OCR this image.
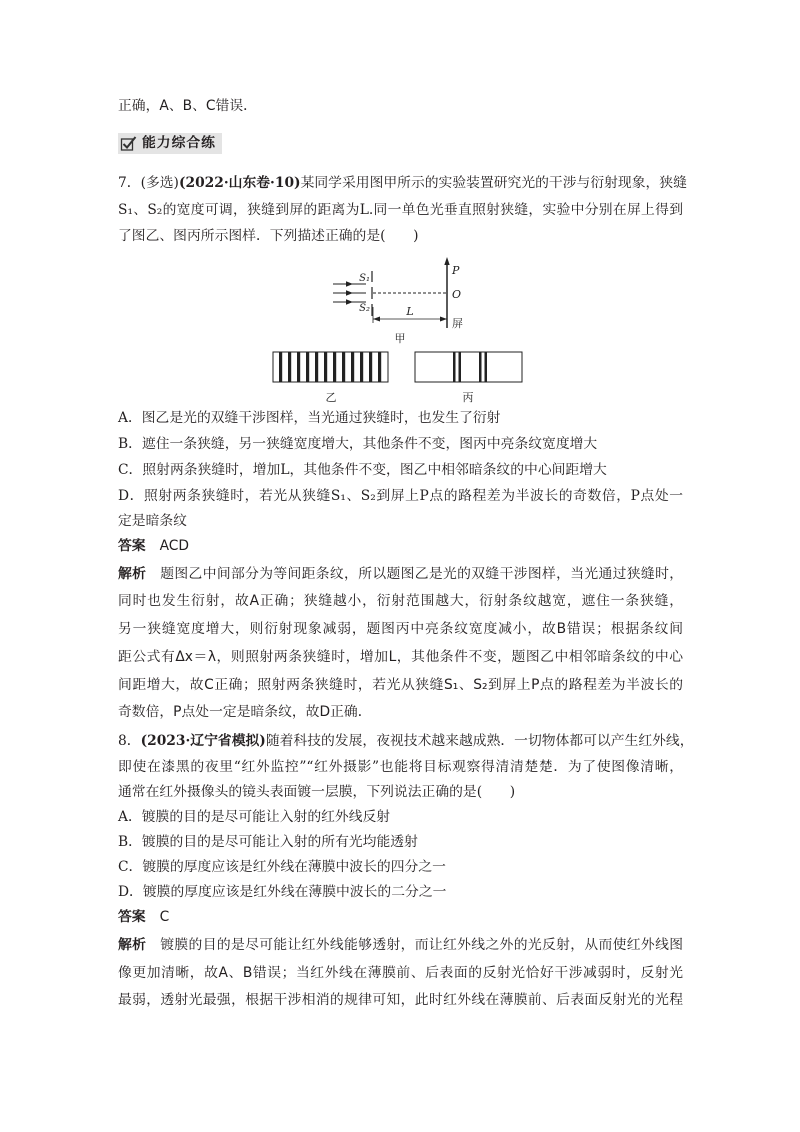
正确，A、B、C错误．
能力综合练
7．(多选)(2022·山东卷·10)某同学采用图甲所示的实验装置研究光的干涉与衍射现象，狭缝
S₁、S₂的宽度可调，狭缝到屏的距离为L.同一单色光垂直照射狭缝，实验中分别在屏上得到
了图乙、图丙所示图样．下列描述正确的是(　　)
S₁
S₂
P
O
屏
L
甲
乙	丙
A．图乙是光的双缝干涉图样，当光通过狭缝时，也发生了衍射
B．遮住一条狭缝，另一狭缝宽度增大，其他条件不变，图丙中亮条纹宽度增大
C．照射两条狭缝时，增加L，其他条件不变，图乙中相邻暗条纹的中心间距增大
D．照射两条狭缝时，若光从狭缝S₁、S₂到屏上P点的路程差为半波长的奇数倍，P点处一
定是暗条纹
答案 ACD
解析 题图乙中间部分为等间距条纹，所以题图乙是光的双缝干涉图样，当光通过狭缝时，
同时也发生衍射，故A正确；狭缝越小，衍射范围越大，衍射条纹越宽，遮住一条狭缝，
另一狭缝宽度增大，则衍射现象减弱，题图丙中亮条纹宽度减小，故B错误；根据条纹间
距公式有Δx＝λ，则照射两条狭缝时，增加L，其他条件不变，题图乙中相邻暗条纹的中心
间距增大，故C正确；照射两条狭缝时，若光从狭缝S₁、S₂到屏上P点的路程差为半波长的
奇数倍，P点处一定是暗条纹，故D正确．
8．(2023·辽宁省模拟)随着科技的发展，夜视技术越来越成熟．一切物体都可以产生红外线，
即使在漆黑的夜里“红外监控”“红外摄影”也能将目标观察得清清楚楚．为了使图像清晰，
通常在红外摄像头的镜头表面镀一层膜，下列说法正确的是(　　)
A．镀膜的目的是尽可能让入射的红外线反射
B．镀膜的目的是尽可能让入射的所有光均能透射
C．镀膜的厚度应该是红外线在薄膜中波长的四分之一
D．镀膜的厚度应该是红外线在薄膜中波长的二分之一
答案 C
解析 镀膜的目的是尽可能让红外线能够透射，而让红外线之外的光反射，从而使红外线图
像更加清晰，故A、B错误；当红外线在薄膜前、后表面的反射光恰好干涉减弱时，反射光
最弱，透射光最强，根据干涉相消的规律可知，此时红外线在薄膜前、后表面反射光的光程
